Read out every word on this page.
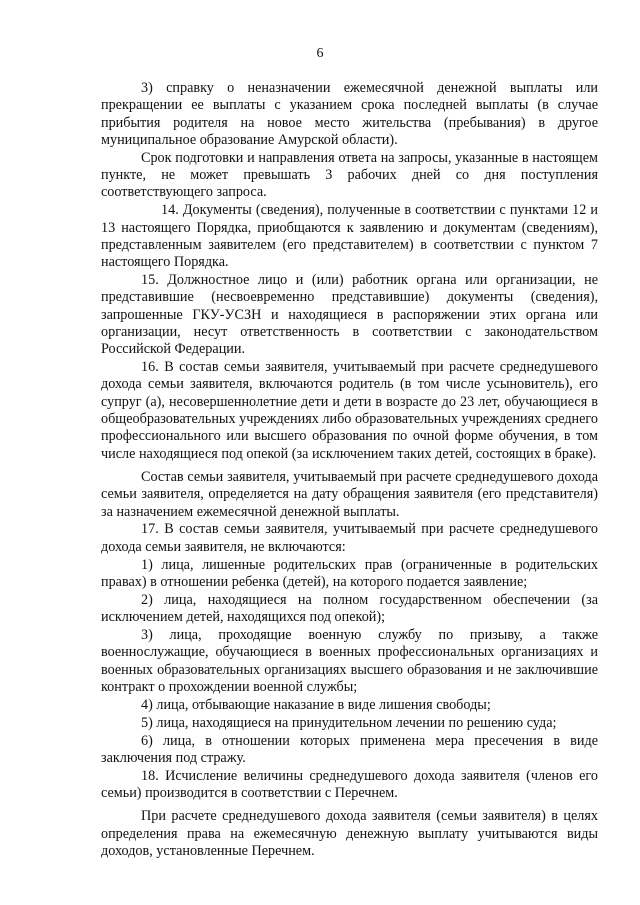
6

3) справку о неназначении ежемесячной денежной выплаты или прекращении ее выплаты с указанием срока последней выплаты (в случае прибытия родителя на новое место жительства (пребывания) в другое муниципальное образование Амурской области).

Срок подготовки и направления ответа на запросы, указанные в настоящем пункте, не может превышать 3 рабочих дней со дня поступления соответствующего запроса.

14. Документы (сведения), полученные в соответствии с пунктами 12 и 13 настоящего Порядка, приобщаются к заявлению и документам (сведениям), представленным заявителем (его представителем) в соответствии с пунктом 7 настоящего Порядка.

15. Должностное лицо и (или) работник органа или организации, не представившие (несвоевременно представившие) документы (сведения), запрошенные ГКУ-УСЗН и находящиеся в распоряжении этих органа или организации, несут ответственность в соответствии с законодательством Российской Федерации.

16. В состав семьи заявителя, учитываемый при расчете среднедушевого дохода семьи заявителя, включаются родитель (в том числе усыновитель), его супруг (а), несовершеннолетние дети и дети в возрасте до 23 лет, обучающиеся в общеобразовательных учреждениях либо образовательных учреждениях среднего профессионального или высшего образования по очной форме обучения, в том числе находящиеся под опекой (за исключением таких детей, состоящих в браке).

Состав семьи заявителя, учитываемый при расчете среднедушевого дохода семьи заявителя, определяется на дату обращения заявителя (его представителя) за назначением ежемесячной денежной выплаты.

17. В состав семьи заявителя, учитываемый при расчете среднедушевого дохода семьи заявителя, не включаются:

1) лица, лишенные родительских прав (ограниченные в родительских правах) в отношении ребенка (детей), на которого подается заявление;

2) лица, находящиеся на полном государственном обеспечении (за исключением детей, находящихся под опекой);

3) лица, проходящие военную службу по призыву, а также военнослужащие, обучающиеся в военных профессиональных организациях и военных образовательных организациях высшего образования и не заключившие контракт о прохождении военной службы;

4) лица, отбывающие наказание в виде лишения свободы;

5) лица, находящиеся на принудительном лечении по решению суда;

6) лица, в отношении которых применена мера пресечения в виде заключения под стражу.

18. Исчисление величины среднедушевого дохода заявителя (членов его семьи) производится в соответствии с Перечнем.

При расчете среднедушевого дохода заявителя (семьи заявителя) в целях определения права на ежемесячную денежную выплату учитываются виды доходов, установленные Перечнем.
